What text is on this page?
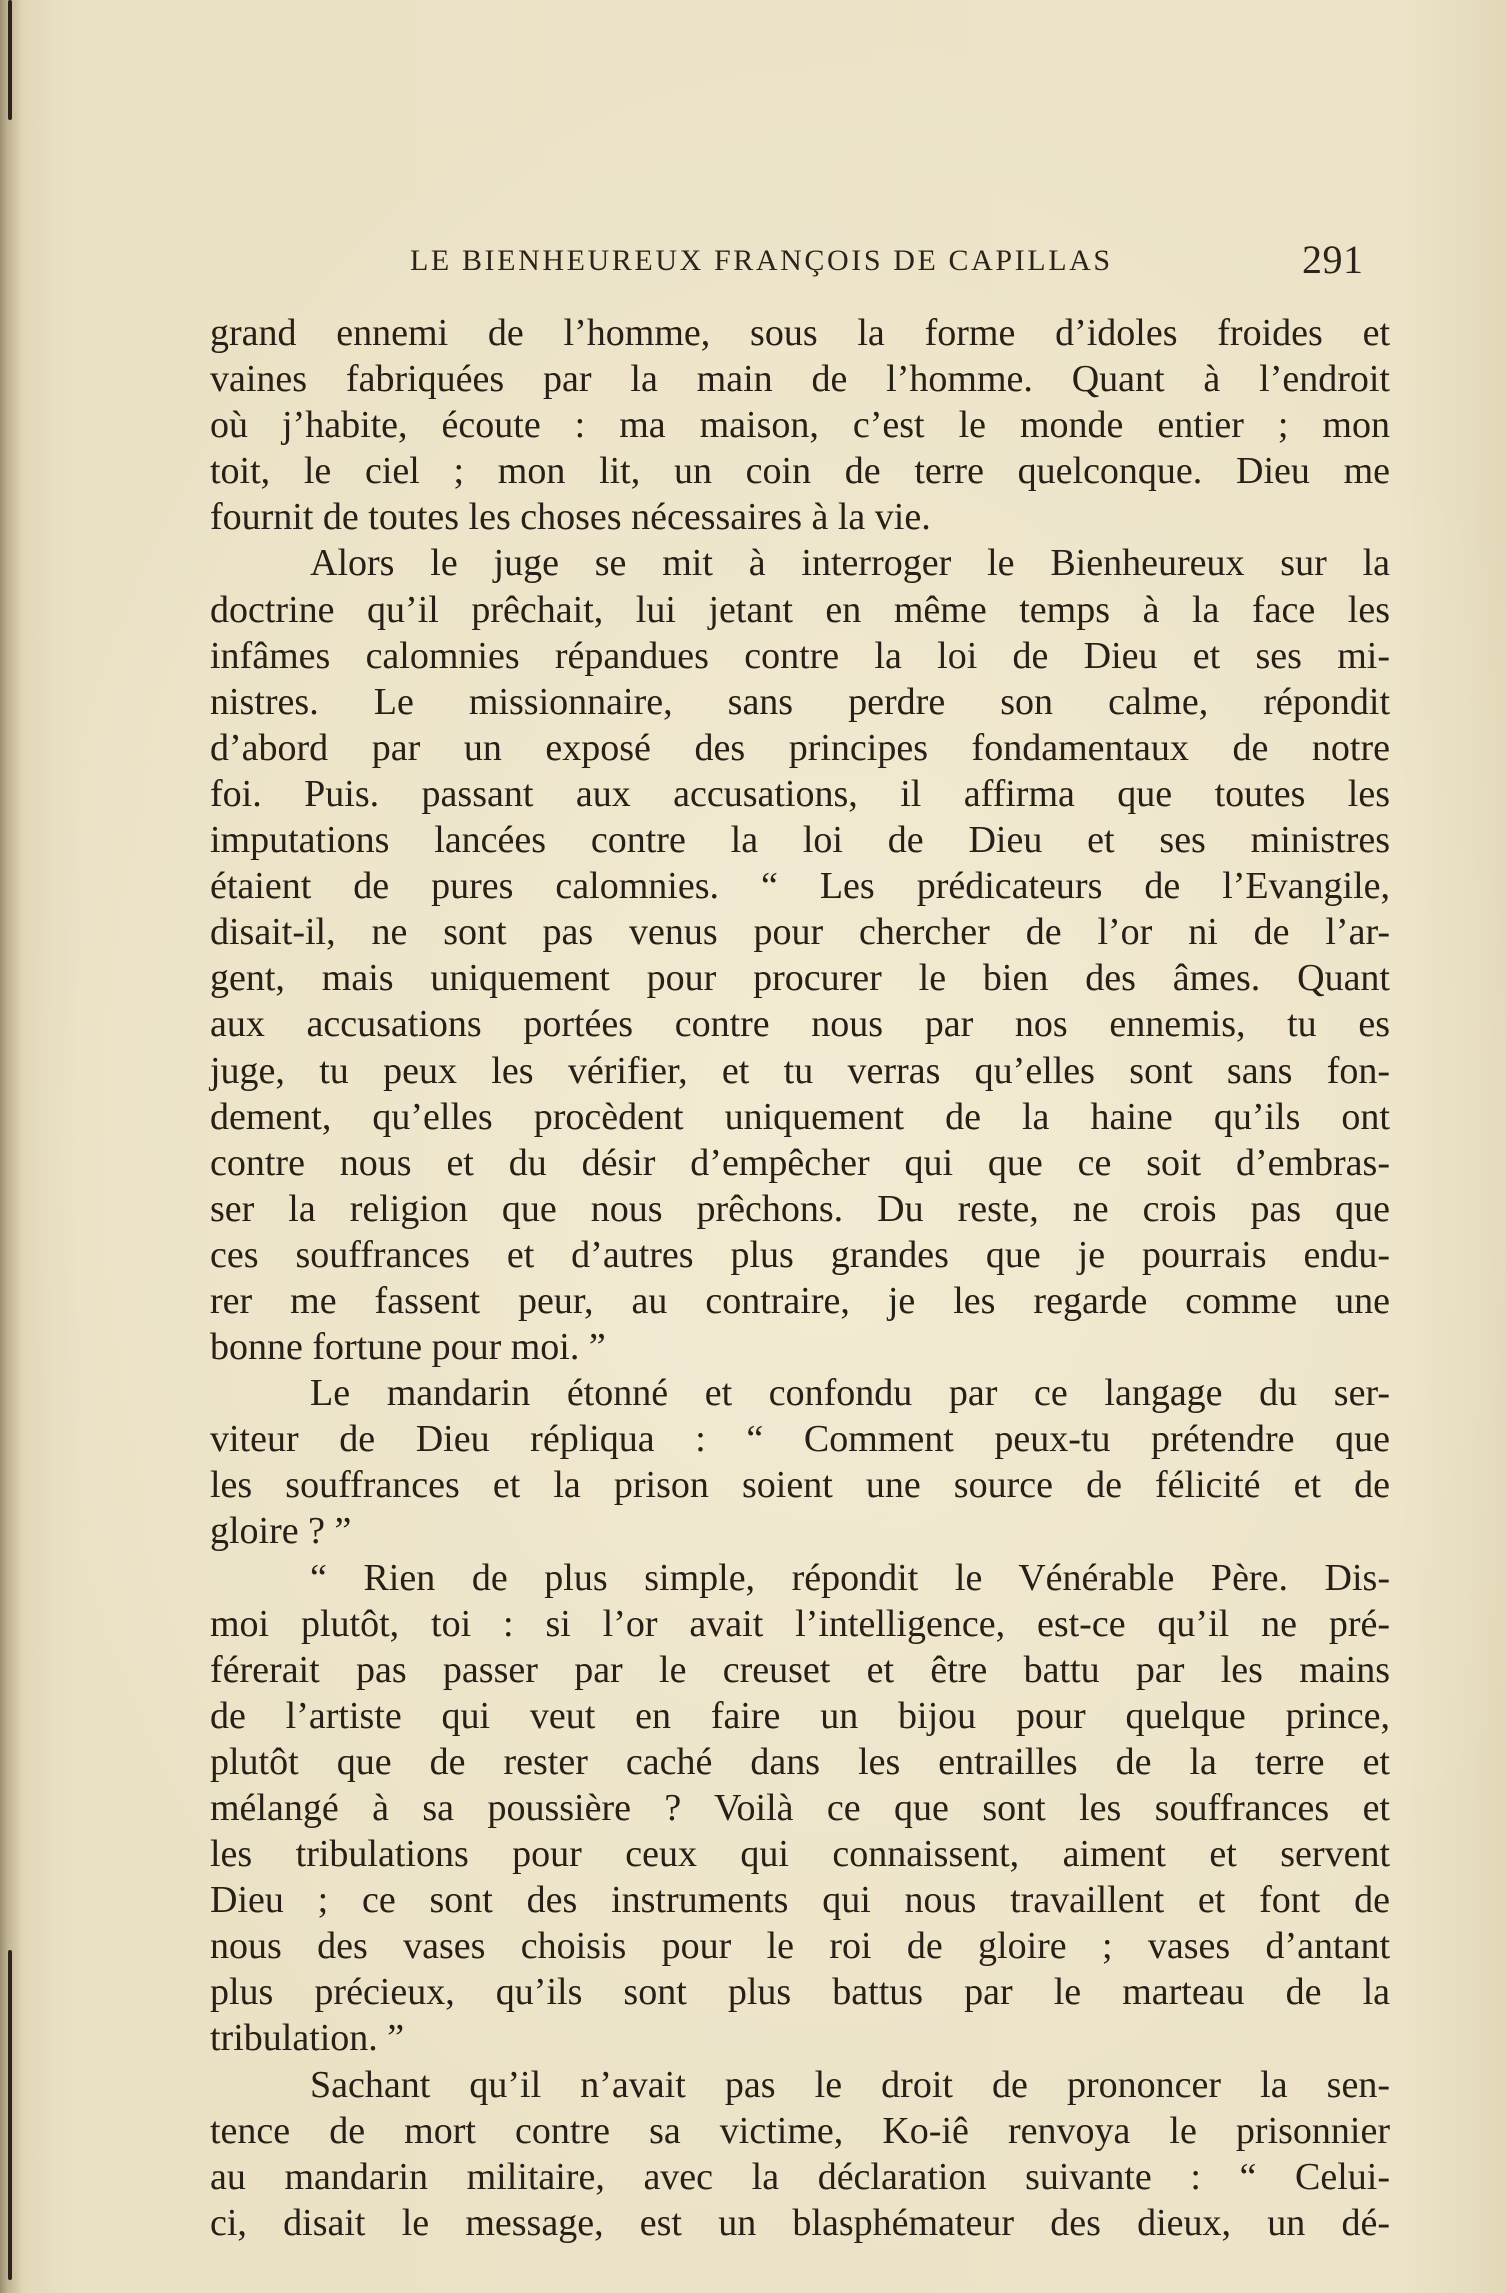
LE BIENHEUREUX FRANÇOIS DE CAPILLAS	291
grand ennemi de l’homme, sous la forme d’idoles froides et
vaines fabriquées par la main de l’homme. Quant à l’endroit
où j’habite, écoute : ma maison, c’est le monde entier ; mon
toit, le ciel ; mon lit, un coin de terre quelconque. Dieu me
fournit de toutes les choses nécessaires à la vie.
Alors le juge se mit à interroger le Bienheureux sur la
doctrine qu’il prêchait, lui jetant en même temps à la face les
infâmes calomnies répandues contre la loi de Dieu et ses mi-
nistres. Le missionnaire, sans perdre son calme, répondit
d’abord par un exposé des principes fondamentaux de notre
foi. Puis. passant aux accusations, il affirma que toutes les
imputations lancées contre la loi de Dieu et ses ministres
étaient de pures calomnies. “ Les prédicateurs de l’Evangile,
disait-il, ne sont pas venus pour chercher de l’or ni de l’ar-
gent, mais uniquement pour procurer le bien des âmes. Quant
aux accusations portées contre nous par nos ennemis, tu es
juge, tu peux les vérifier, et tu verras qu’elles sont sans fon-
dement, qu’elles procèdent uniquement de la haine qu’ils ont
contre nous et du désir d’empêcher qui que ce soit d’embras-
ser la religion que nous prêchons. Du reste, ne crois pas que
ces souffrances et d’autres plus grandes que je pourrais endu-
rer me fassent peur, au contraire, je les regarde comme une
bonne fortune pour moi. ”
Le mandarin étonné et confondu par ce langage du ser-
viteur de Dieu répliqua : “ Comment peux-tu prétendre que
les souffrances et la prison soient une source de félicité et de
gloire ? ”
“ Rien de plus simple, répondit le Vénérable Père. Dis-
moi plutôt, toi : si l’or avait l’intelligence, est-ce qu’il ne pré-
férerait pas passer par le creuset et être battu par les mains
de l’artiste qui veut en faire un bijou pour quelque prince,
plutôt que de rester caché dans les entrailles de la terre et
mélangé à sa poussière ? Voilà ce que sont les souffrances et
les tribulations pour ceux qui connaissent, aiment et servent
Dieu ; ce sont des instruments qui nous travaillent et font de
nous des vases choisis pour le roi de gloire ; vases d’antant
plus précieux, qu’ils sont plus battus par le marteau de la
tribulation. ”
Sachant qu’il n’avait pas le droit de prononcer la sen-
tence de mort contre sa victime, Ko-iê renvoya le prisonnier
au mandarin militaire, avec la déclaration suivante : “ Celui-
ci, disait le message, est un blasphémateur des dieux, un dé-
